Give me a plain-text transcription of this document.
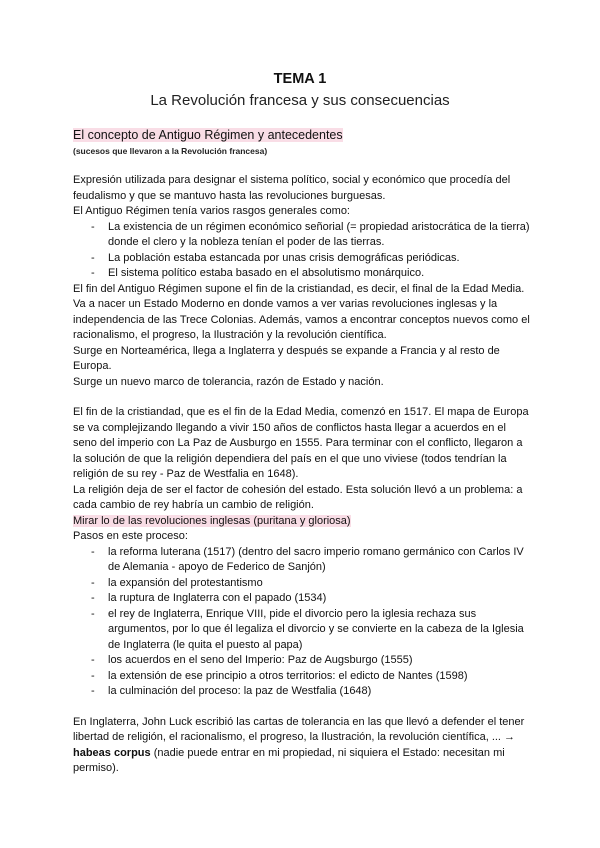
TEMA 1
La Revolución francesa y sus consecuencias
El concepto de Antiguo Régimen y antecedentes
(sucesos que llevaron a la Revolución francesa)

Expresión utilizada para designar el sistema político, social y económico que procedía del feudalismo y que se mantuvo hasta las revoluciones burguesas.

El Antiguo Régimen tenía varios rasgos generales como:

- La existencia de un régimen económico señorial (= propiedad aristocrática de la tierra) donde el clero y la nobleza tenían el poder de las tierras.
- La población estaba estancada por unas crisis demográficas periódicas.
- El sistema político estaba basado en el absolutismo monárquico.

El fin del Antiguo Régimen supone el fin de la cristiandad, es decir, el final de la Edad Media. Va a nacer un Estado Moderno en donde vamos a ver varias revoluciones inglesas y la independencia de las Trece Colonias. Además, vamos a encontrar conceptos nuevos como el racionalismo, el progreso, la Ilustración y la revolución científica.

Surge en Norteamérica, llega a Inglaterra y después se expande a Francia y al resto de Europa.

Surge un nuevo marco de tolerancia, razón de Estado y nación.

El fin de la cristiandad, que es el fin de la Edad Media, comenzó en 1517. El mapa de Europa se va complejizando llegando a vivir 150 años de conflictos hasta llegar a acuerdos en el seno del imperio con La Paz de Ausburgo en 1555. Para terminar con el conflicto, llegaron a la solución de que la religión dependiera del país en el que uno viviese (todos tendrían la religión de su rey - Paz de Westfalia en 1648).

La religión deja de ser el factor de cohesión del estado. Esta solución llevó a un problema: a cada cambio de rey habría un cambio de religión.

Mirar lo de las revoluciones inglesas (puritana y gloriosa)

Pasos en este proceso:

- la reforma luterana (1517) (dentro del sacro imperio romano germánico con Carlos IV de Alemania - apoyo de Federico de Sanjón)
- la expansión del protestantismo
- la ruptura de Inglaterra con el papado (1534)
- el rey de Inglaterra, Enrique VIII, pide el divorcio pero la iglesia rechaza sus argumentos, por lo que él legaliza el divorcio y se convierte en la cabeza de la Iglesia de Inglaterra (le quita el puesto al papa)
- los acuerdos en el seno del Imperio: Paz de Augsburgo (1555)
- la extensión de ese principio a otros territorios: el edicto de Nantes (1598)
- la culminación del proceso: la paz de Westfalia (1648)

En Inglaterra, John Luck escribió las cartas de tolerancia en las que llevó a defender el tener libertad de religión, el racionalismo, el progreso, la Ilustración, la revolución científica, ... → habeas corpus (nadie puede entrar en mi propiedad, ni siquiera el Estado: necesitan mi permiso).
